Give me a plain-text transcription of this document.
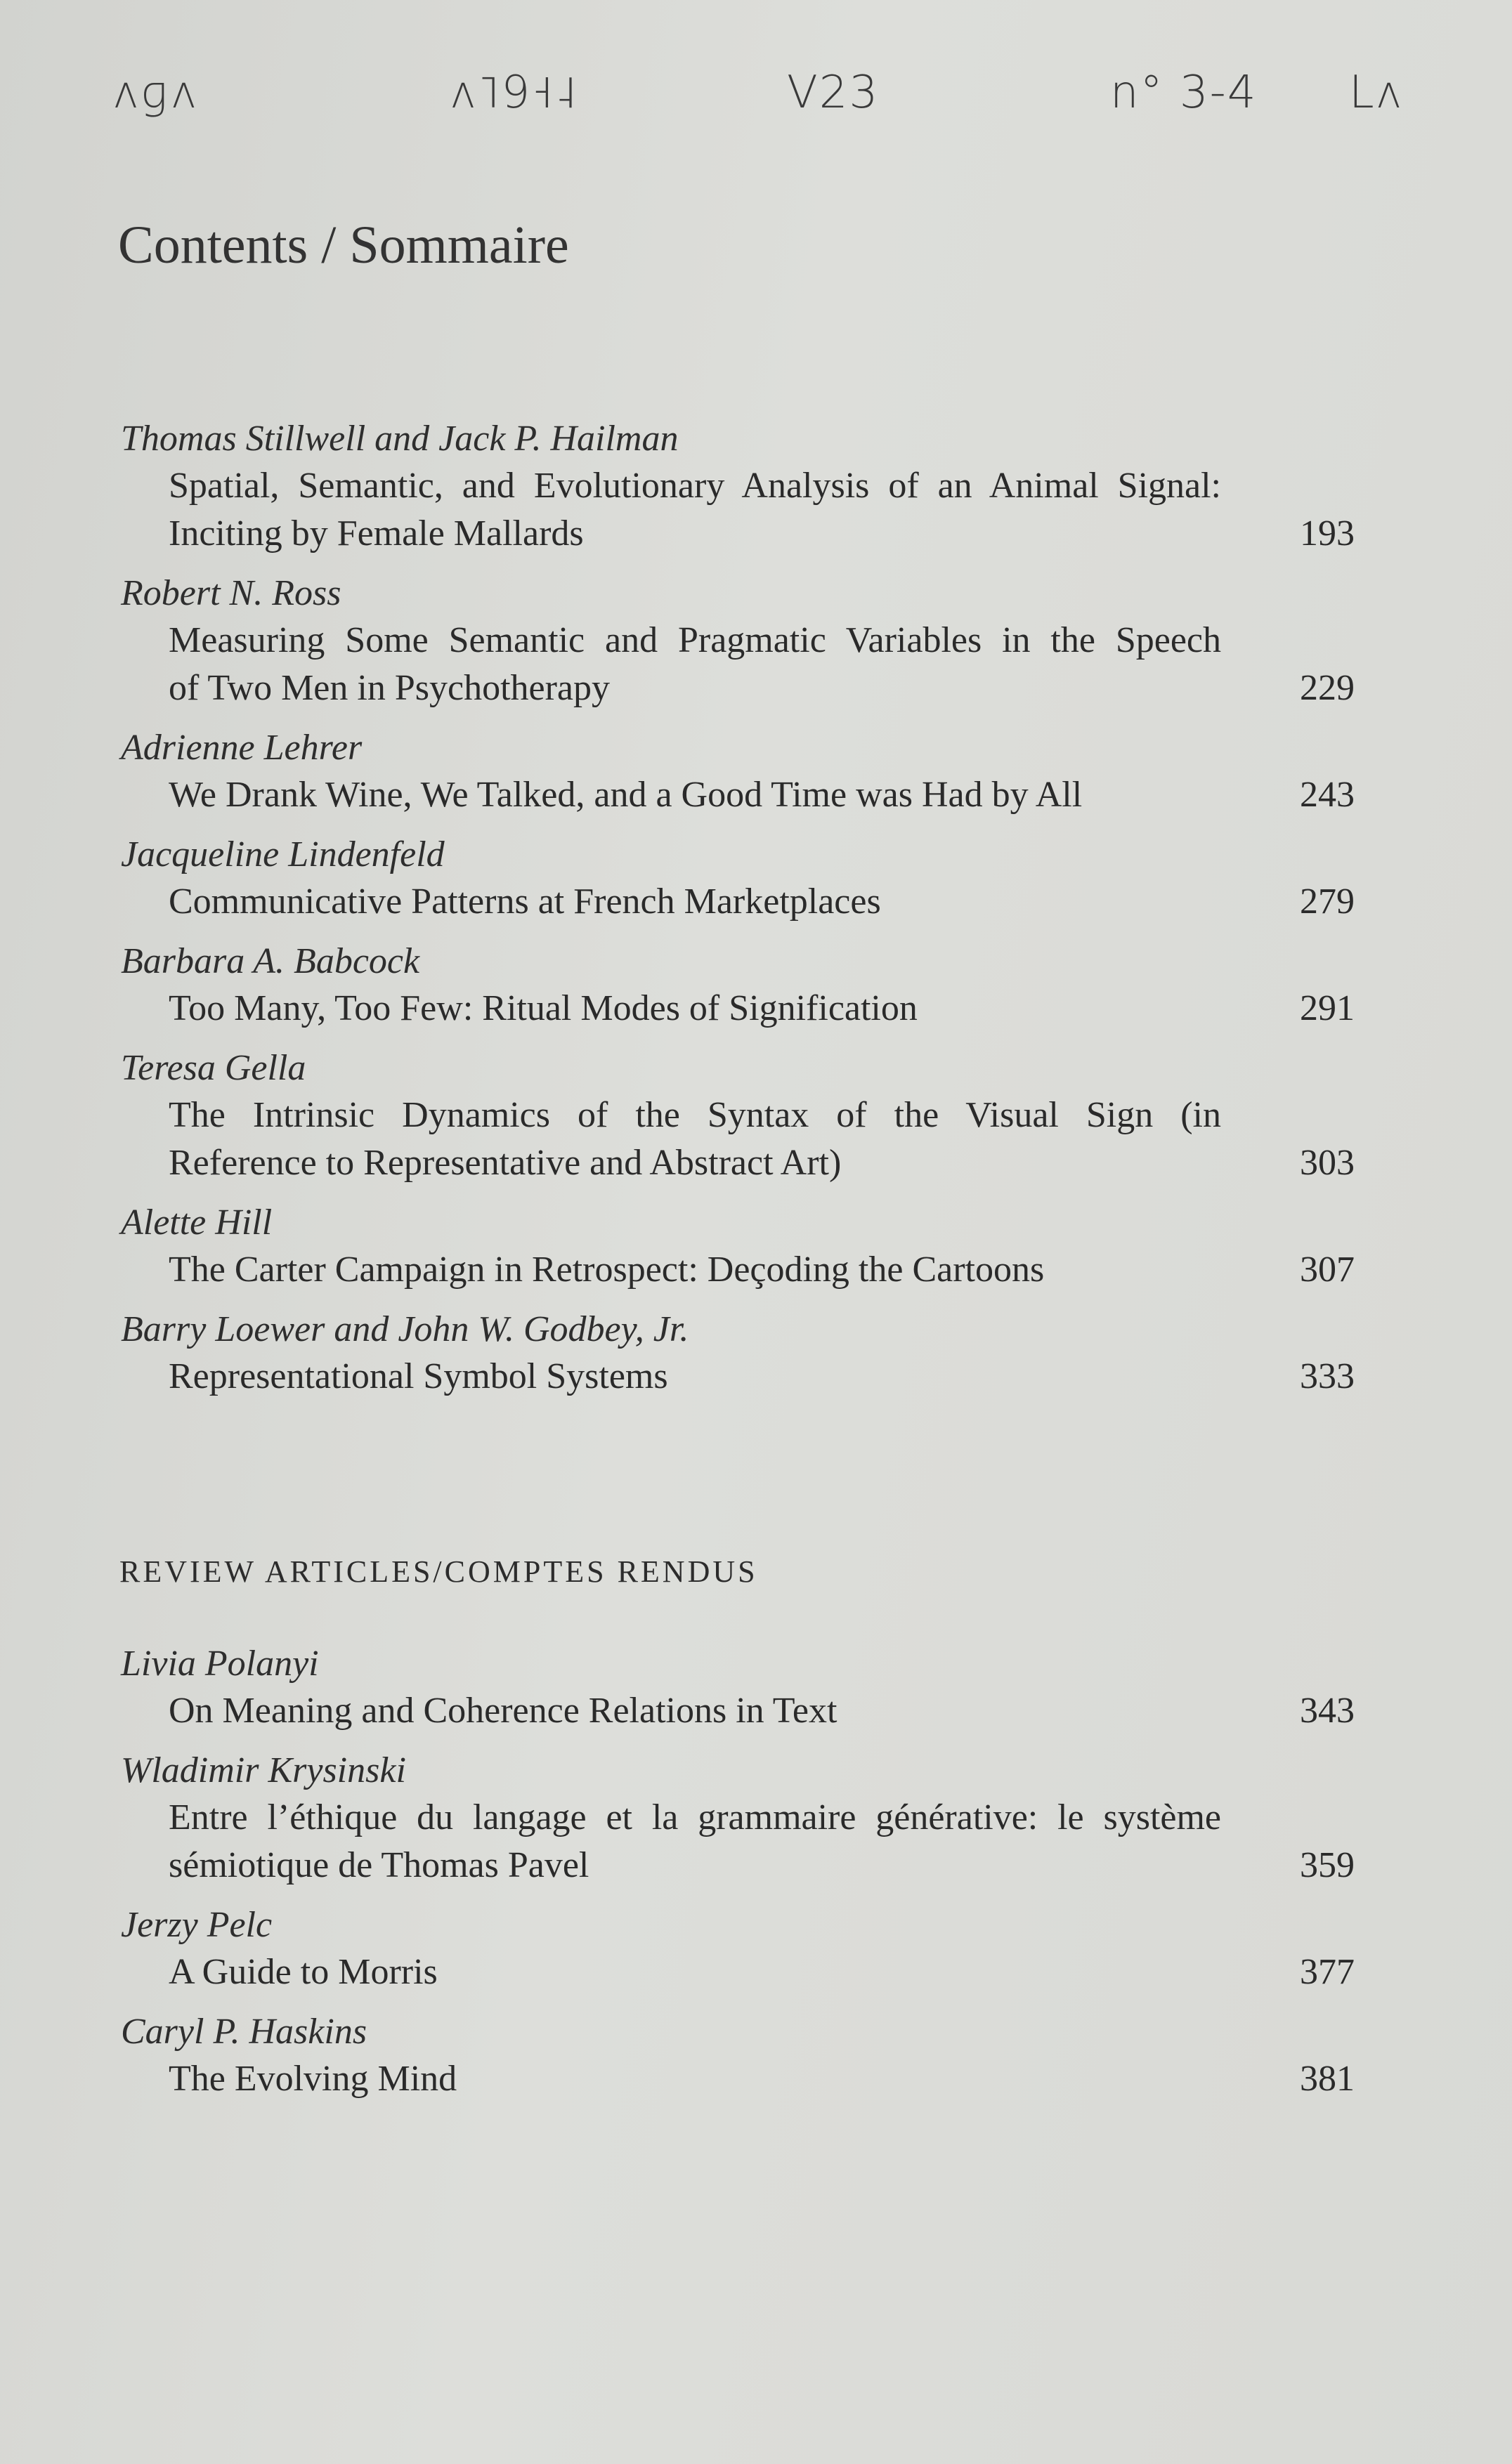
ʌɡʌ	ʌ˥9˧˨	V23	n° 3-4 Lʌ
Contents / Sommaire
Thomas Stillwell and Jack P. Hailman
Spatial, Semantic, and Evolutionary Analysis of an Animal Signal:
Inciting by Female Mallards	193
Robert N. Ross
Measuring Some Semantic and Pragmatic Variables in the Speech
of Two Men in Psychotherapy	229
Adrienne Lehrer
We Drank Wine, We Talked, and a Good Time was Had by All	243
Jacqueline Lindenfeld
Communicative Patterns at French Marketplaces	279
Barbara A. Babcock
Too Many, Too Few: Ritual Modes of Signification	291
Teresa Gella
The Intrinsic Dynamics of the Syntax of the Visual Sign (in
Reference to Representative and Abstract Art)	303
Alette Hill
The Carter Campaign in Retrospect: Deçoding the Cartoons	307
Barry Loewer and John W. Godbey, Jr.
Representational Symbol Systems	333
REVIEW ARTICLES/COMPTES RENDUS
Livia Polanyi
On Meaning and Coherence Relations in Text	343
Wladimir Krysinski
Entre l’éthique du langage et la grammaire générative: le système
sémiotique de Thomas Pavel	359
Jerzy Pelc
A Guide to Morris	377
Caryl P. Haskins
The Evolving Mind	381
